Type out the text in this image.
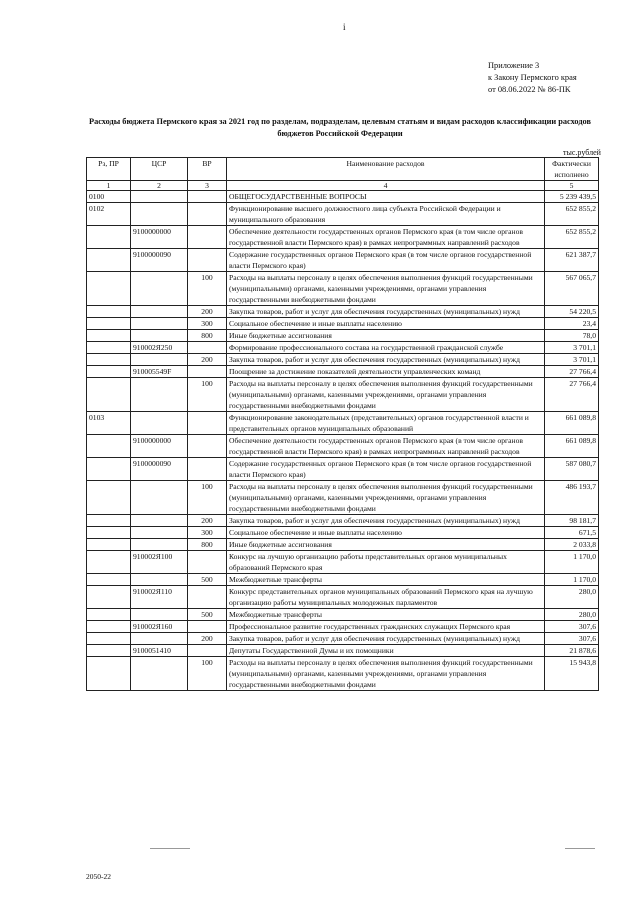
i
Приложение 3
к Закону Пермского края
от 08.06.2022 № 86-ПК
Расходы бюджета Пермского края за 2021 год по разделам, подразделам, целевым статьям и видам расходов классификации расходов бюджетов Российской Федерации
тыс.рублей
Рз, ПР	ЦСР	ВР	Наименование расходов	Фактически исполнено
1	2	3	4	5
0100			ОБЩЕГОСУДАРСТВЕННЫЕ ВОПРОСЫ	5 239 439,5
0102			Функционирование высшего должностного лица субъекта Российской Федерации и муниципального образования	652 855,2
	9100000000		Обеспечение деятельности государственных органов Пермского края (в том числе органов государственной власти Пермского края) в рамках непрограммных направлений расходов	652 855,2
	9100000090		Содержание государственных органов Пермского края (в том числе органов государственной власти Пермского края)	621 387,7
		100	Расходы на выплаты персоналу в целях обеспечения выполнения функций государственными (муниципальными) органами, казенными учреждениями, органами управления государственными внебюджетными фондами	567 065,7
		200	Закупка товаров, работ и услуг для обеспечения государственных (муниципальных) нужд	54 220,5
		300	Социальное обеспечение и иные выплаты населению	23,4
		800	Иные бюджетные ассигнования	78,0
	910002Я250		Формирование профессионального состава на государственной гражданской службе	3 701,1
		200	Закупка товаров, работ и услуг для обеспечения государственных (муниципальных) нужд	3 701,1
	910005549F		Поощрение за достижение показателей деятельности управленческих команд	27 766,4
		100	Расходы на выплаты персоналу в целях обеспечения выполнения функций государственными (муниципальными) органами, казенными учреждениями, органами управления государственными внебюджетными фондами	27 766,4
0103			Функционирование законодательных (представительных) органов государственной власти и представительных органов муниципальных образований	661 089,8
	9100000000		Обеспечение деятельности государственных органов Пермского края (в том числе органов государственной власти Пермского края) в рамках непрограммных направлений расходов	661 089,8
	9100000090		Содержание государственных органов Пермского края (в том числе органов государственной власти Пермского края)	587 080,7
		100	Расходы на выплаты персоналу в целях обеспечения выполнения функций государственными (муниципальными) органами, казенными учреждениями, органами управления государственными внебюджетными фондами	486 193,7
		200	Закупка товаров, работ и услуг для обеспечения государственных (муниципальных) нужд	98 181,7
		300	Социальное обеспечение и иные выплаты населению	671,5
		800	Иные бюджетные ассигнования	2 033,8
	910002Я100		Конкурс на лучшую организацию работы представительных органов муниципальных образований Пермского края	1 170,0
		500	Межбюджетные трансферты	1 170,0
	910002Я110		Конкурс представительных органов муниципальных образований Пермского края на лучшую организацию работы муниципальных молодежных парламентов	280,0
		500	Межбюджетные трансферты	280,0
	910002Я160		Профессиональное развитие государственных гражданских служащих Пермского края	307,6
		200	Закупка товаров, работ и услуг для обеспечения государственных (муниципальных) нужд	307,6
	9100051410		Депутаты Государственной Думы и их помощники	21 878,6
		100	Расходы на выплаты персоналу в целях обеспечения выполнения функций государственными (муниципальными) органами, казенными учреждениями, органами управления государственными внебюджетными фондами	15 943,8
2050-22
